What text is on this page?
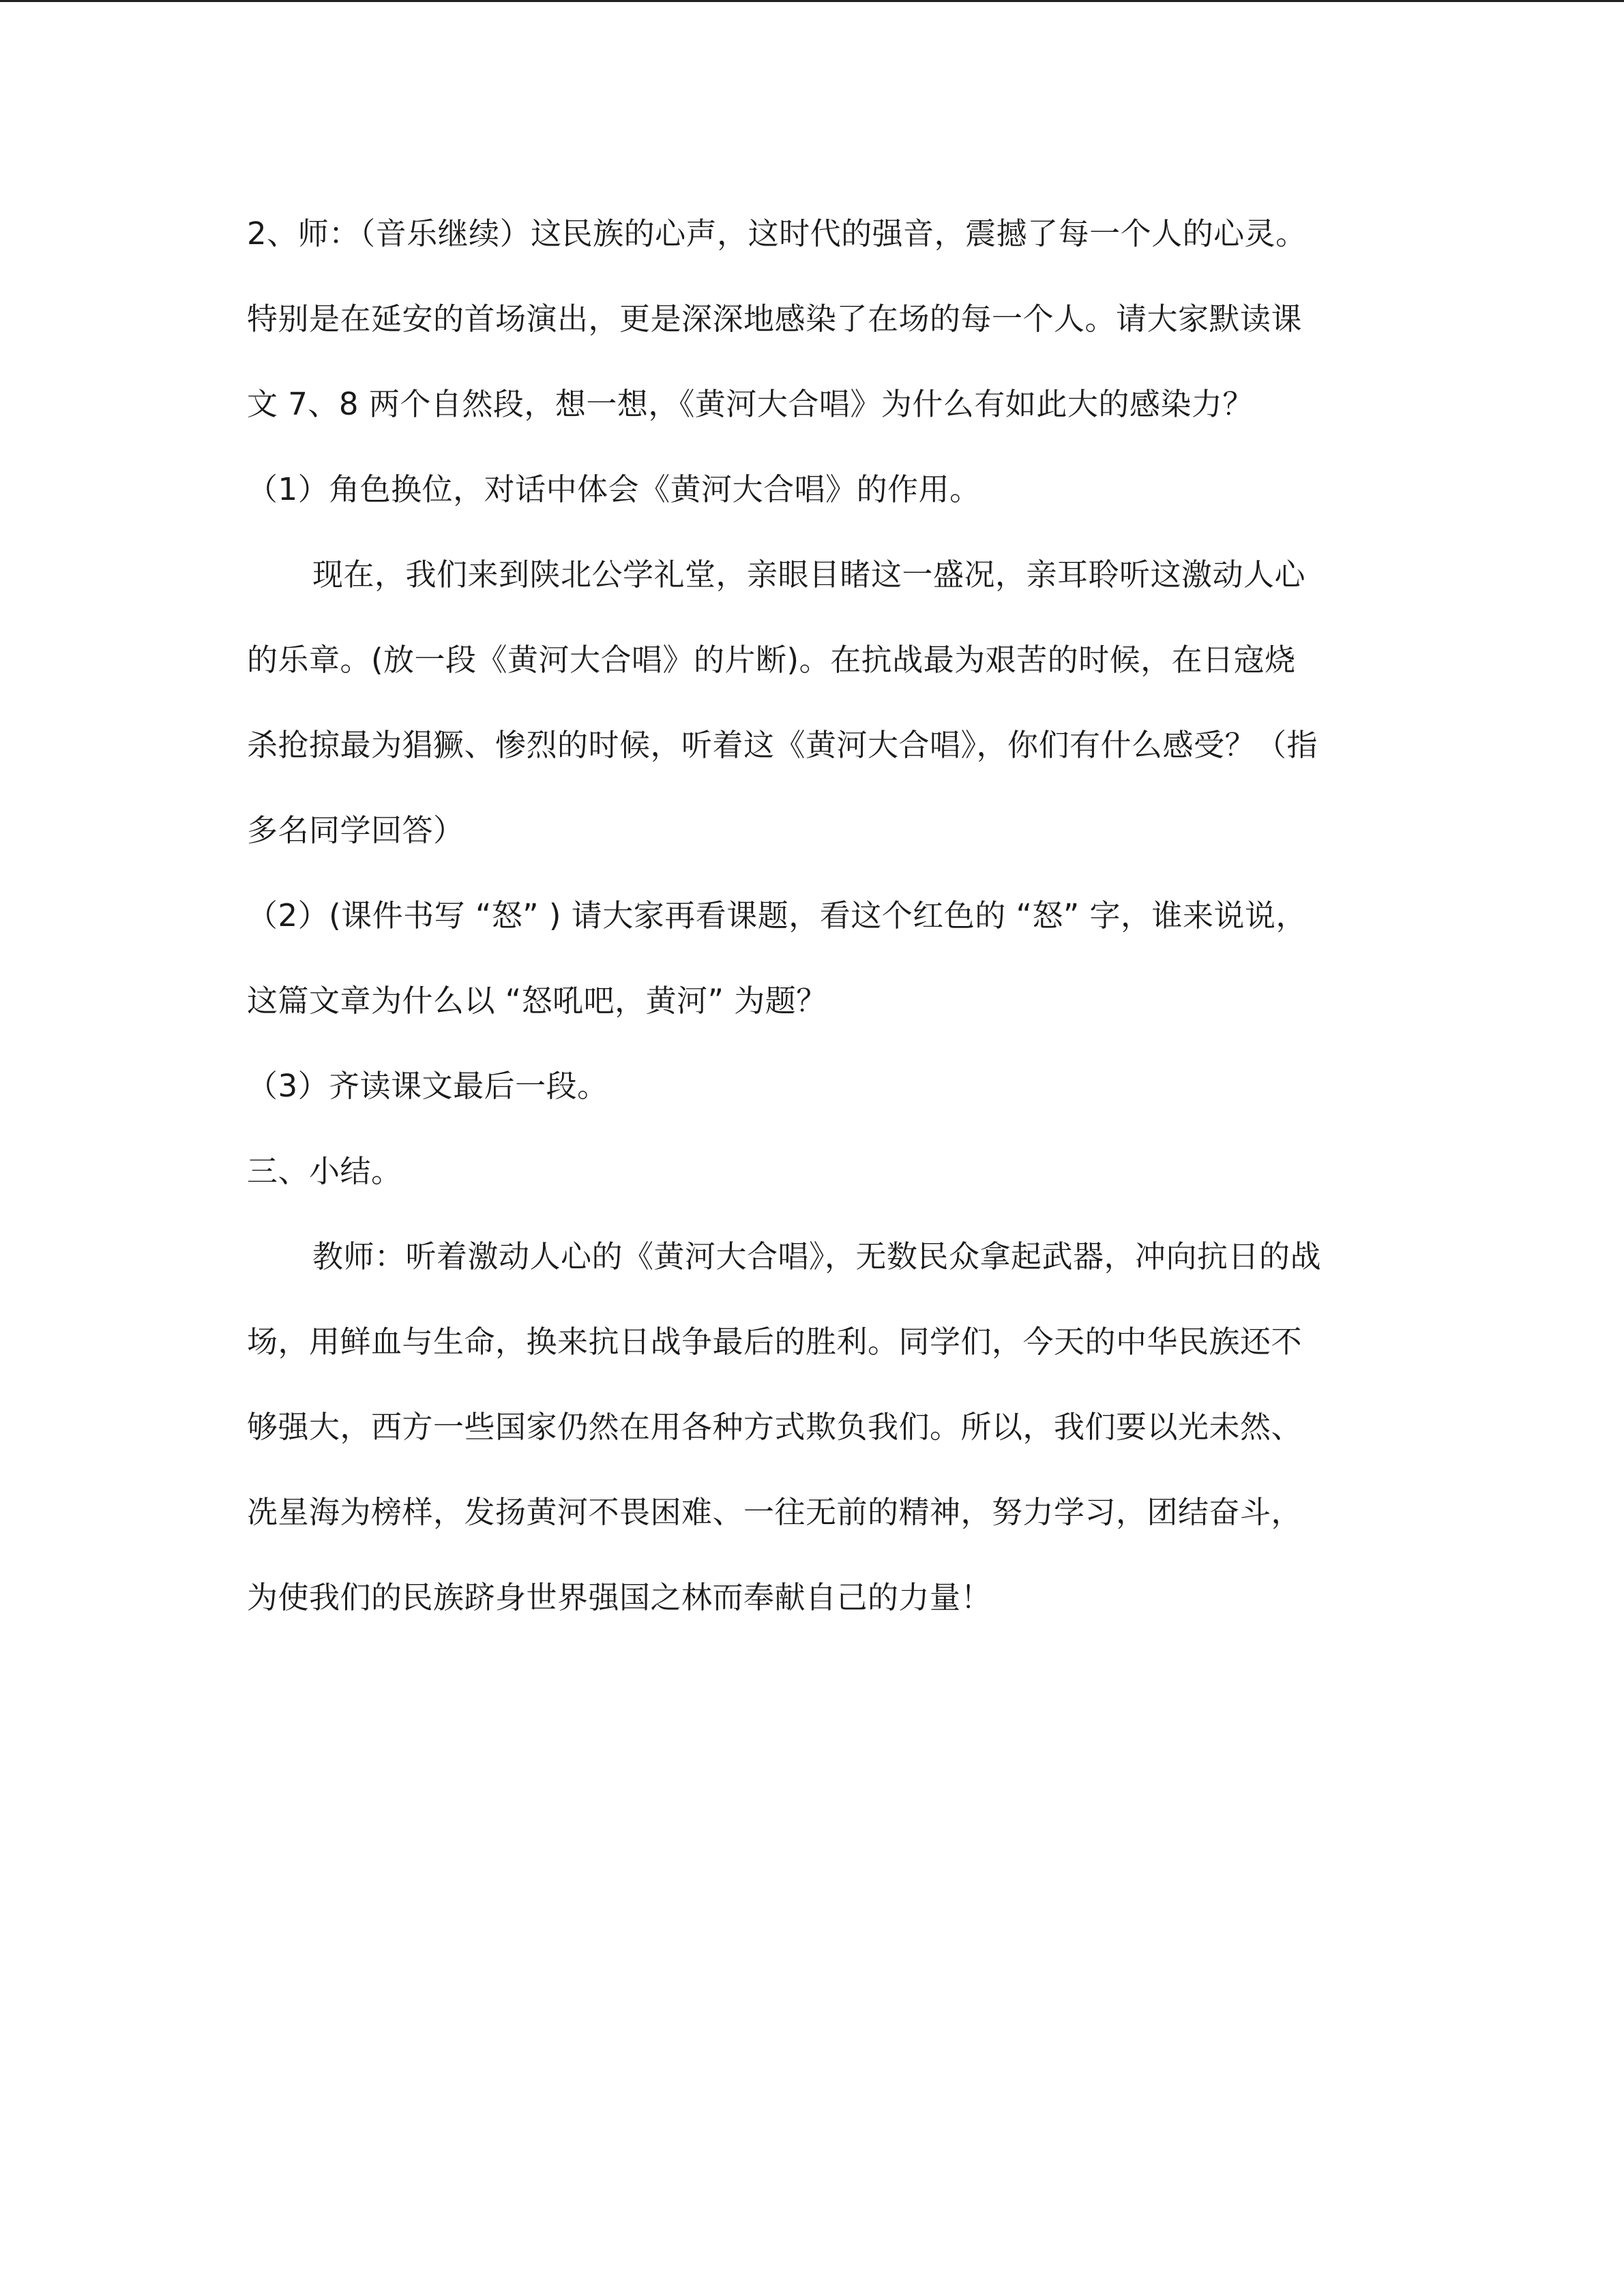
2、师：（音乐继续）这民族的心声，这时代的强音，震撼了每一个人的心灵。
特别是在延安的首场演出，更是深深地感染了在场的每一个人。请大家默读课
文 7、8 两个自然段，想一想，《黄河大合唱》为什么有如此大的感染力？
（1）角色换位，对话中体会《黄河大合唱》的作用。
现在，我们来到陕北公学礼堂，亲眼目睹这一盛况，亲耳聆听这激动人心
的乐章。(放一段《黄河大合唱》的片断)。在抗战最为艰苦的时候，在日寇烧
杀抢掠最为猖獗、惨烈的时候，听着这《黄河大合唱》，你们有什么感受？（指
多名同学回答）
（2）(课件书写 “怒” ) 请大家再看课题，看这个红色的 “怒” 字，谁来说说，
这篇文章为什么以 “怒吼吧，黄河” 为题？
（3）齐读课文最后一段。
三、小结。
教师：听着激动人心的《黄河大合唱》，无数民众拿起武器，冲向抗日的战
场，用鲜血与生命，换来抗日战争最后的胜利。同学们，今天的中华民族还不
够强大，西方一些国家仍然在用各种方式欺负我们。所以，我们要以光未然、
冼星海为榜样，发扬黄河不畏困难、一往无前的精神，努力学习，团结奋斗，
为使我们的民族跻身世界强国之林而奉献自己的力量！
